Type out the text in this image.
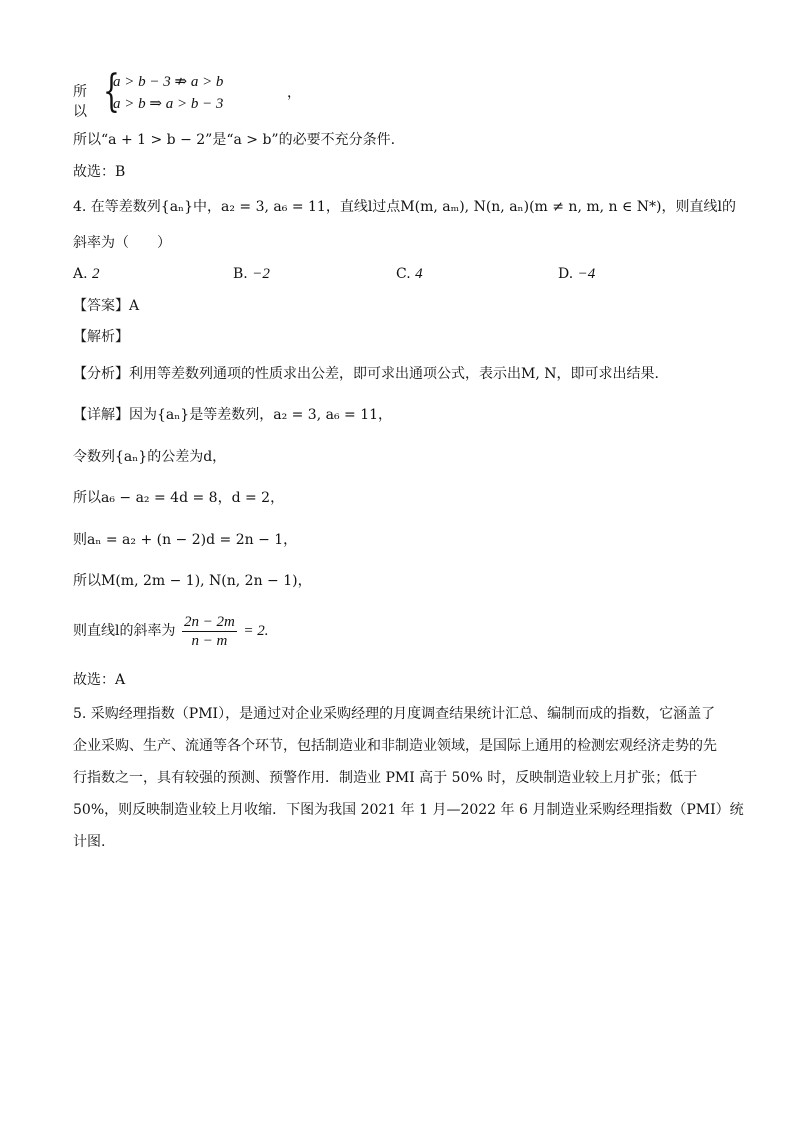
所以 {
a > b − 3 ⇏ a > b
a > b ⇒ a > b − 3
，
所以“a + 1 > b − 2”是“a > b”的必要不充分条件.
故选：B
4. 在等差数列{aₙ}中，a₂ = 3, a₆ = 11，直线l过点M(m, aₘ), N(n, aₙ)(m ≠ n, m, n ∈ N*)，则直线l的
斜率为（　　）
A. 2	B. −2	C. 4	D. −4
【答案】A
【解析】
【分析】利用等差数列通项的性质求出公差，即可求出通项公式，表示出M, N，即可求出结果.
【详解】因为{aₙ}是等差数列，a₂ = 3, a₆ = 11，
令数列{aₙ}的公差为d，
所以a₆ − a₂ = 4d = 8，d = 2，
则aₙ = a₂ + (n − 2)d = 2n − 1，
所以M(m, 2m − 1), N(n, 2n − 1)，
则直线l的斜率为 $\frac{2n - 2m}{n - m} = 2$.
故选：A
5. 采购经理指数（PMI），是通过对企业采购经理的月度调查结果统计汇总、编制而成的指数，它涵盖了
企业采购、生产、流通等各个环节，包括制造业和非制造业领域，是国际上通用的检测宏观经济走势的先
行指数之一，具有较强的预测、预警作用．制造业 PMI 高于 50% 时，反映制造业较上月扩张；低于
50%，则反映制造业较上月收缩．下图为我国 2021 年 1 月—2022 年 6 月制造业采购经理指数（PMI）统
计图.
